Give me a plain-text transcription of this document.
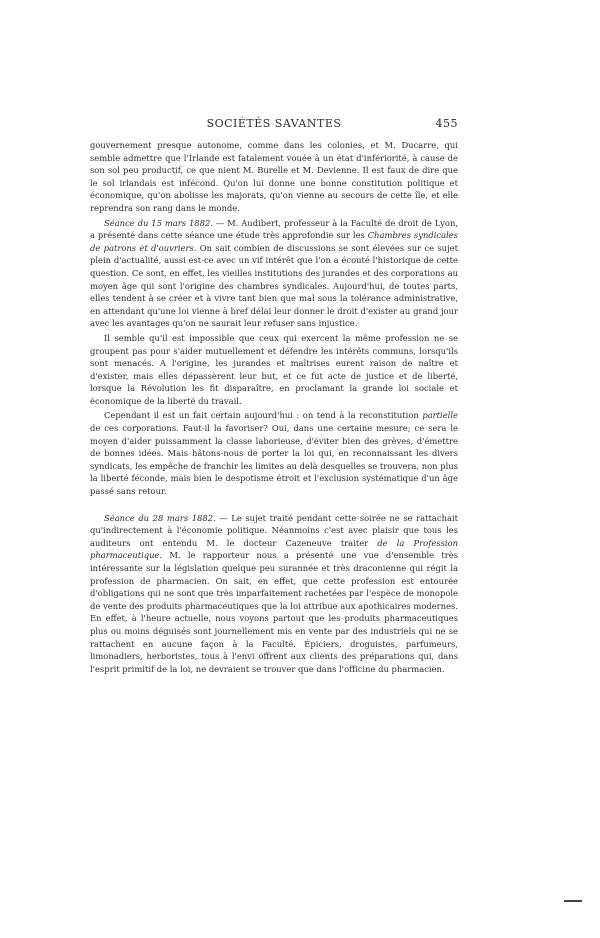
SOCIÉTÉS SAVANTES	455

gouvernement presque autonome, comme dans les colonies, et M. Ducarre, qui semble admettre que l'Irlande est fatalement vouée à un état d'infériorité, à cause de son sol peu productif, ce que nient M. Burelle et M. Devienne. Il est faux de dire que le sol irlandais est infécond. Qu'on lui donne une bonne constitution politique et économique, qu'on abolisse les majorats, qu'on vienne au secours de cette île, et elle reprendra son rang dans le monde.

Séance du 15 mars 1882. — M. Audibert, professeur à la Faculté de droit de Lyon, a présenté dans cette séance une étude très approfondie sur les Chambres syndicales de patrons et d'ouvriers. On sait combien de discussions se sont élevées sur ce sujet plein d'actualité, aussi est-ce avec un vif intérêt que l'on a écouté l'historique de cette question. Ce sont, en effet, les vieilles institutions des jurandes et des corporations au moyen âge qui sont l'origine des chambres syndicales. Aujourd'hui, de toutes parts, elles tendent à se créer et à vivre tant bien que mal sous la tolérance administrative, en attendant qu'une loi vienne à bref délai leur donner le droit d'exister au grand jour avec les avantages qu'on ne saurait leur refuser sans injustice.

Il semble qu'il est impossible que ceux qui exercent la même profession ne se groupent pas pour s'aider mutuellement et défendre les intérêts communs, lorsqu'ils sont menacés. A l'origine, les jurandes et maîtrises eurent raison de naître et d'exister, mais elles dépassèrent leur but, et ce fut acte de justice et de liberté, lorsque la Révolution les fit disparaître, en proclamant la grande loi sociale et économique de la liberté du travail.

Cependant il est un fait certain aujourd'hui : on tend à la reconstitution partielle de ces corporations. Faut-il la favoriser? Oui, dans une certaine mesure; ce sera le moyen d'aider puissamment la classe laborieuse, d'éviter bien des grèves, d'émettre de bonnes idées. Mais hâtons-nous de porter la loi qui, en reconnaissant les divers syndicats, les empêche de franchir les limites au delà desquelles se trouvera, non plus la liberté féconde, mais bien le despotisme étroit et l'exclusion systématique d'un âge passé sans retour.

Séance du 28 mars 1882. — Le sujet traité pendant cette soirée ne se rattachait qu'indirectement à l'économie politique. Néanmoins c'est avec plaisir que tous les auditeurs ont entendu M. le docteur Cazeneuve traiter de la Profession pharmaceutique. M. le rapporteur nous a présenté une vue d'ensemble très intéressante sur la législation quelque peu surannée et très draconienne qui régit la profession de pharmacien. On sait, en effet, que cette profession est entourée d'obligations qui ne sont que très imparfaitement rachetées par l'espèce de monopole de vente des produits pharmaceutiques que la loi attribue aux apothicaires modernes. En effet, à l'heure actuelle, nous voyons partout que les produits pharmaceutiques plus ou moins déguisés sont journellement mis en vente par des industriels qui ne se rattachent en aucune façon à la Faculté. Épiciers, droguistes, parfumeurs, limonadiers, herboristes, tous à l'envi offrent aux clients des préparations qui, dans l'esprit primitif de la loi, ne devraient se trouver que dans l'officine du pharmacien.
